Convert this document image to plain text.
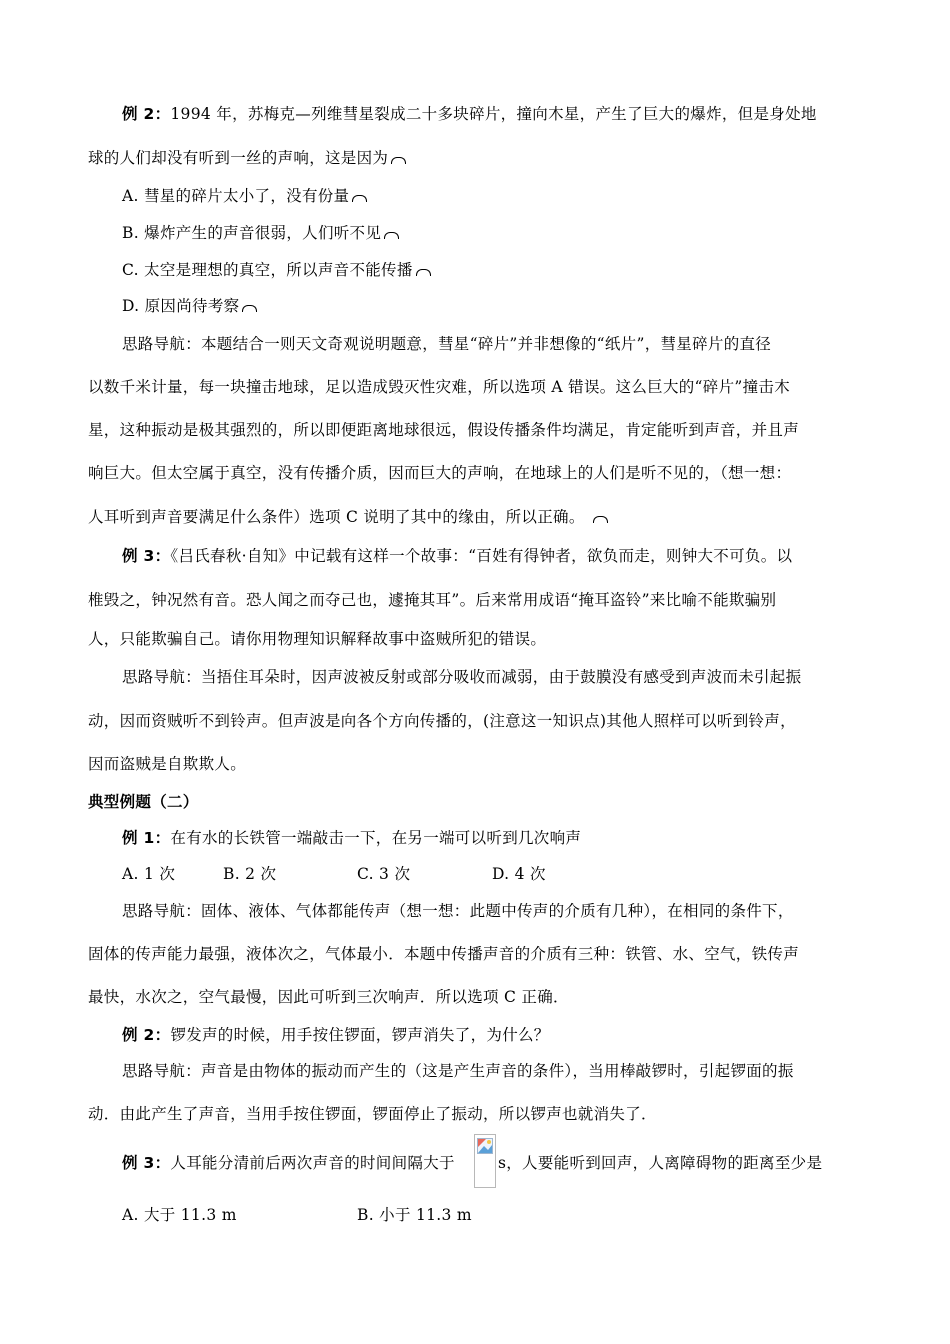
例 2：1994 年，苏梅克—列维彗星裂成二十多块碎片，撞向木星，产生了巨大的爆炸，但是身处地
球的人们却没有听到一丝的声响，这是因为
A. 彗星的碎片太小了，没有份量
B. 爆炸产生的声音很弱，人们听不见
C. 太空是理想的真空，所以声音不能传播
D. 原因尚待考察
思路导航：本题结合一则天文奇观说明题意，彗星“碎片”并非想像的“纸片”，彗星碎片的直径
以数千米计量，每一块撞击地球，足以造成毁灭性灾难，所以选项 A 错误。这么巨大的“碎片”撞击木
星，这种振动是极其强烈的，所以即便距离地球很远，假设传播条件均满足，肯定能听到声音，并且声
响巨大。但太空属于真空，没有传播介质，因而巨大的声响，在地球上的人们是听不见的，（想一想：
人耳听到声音要满足什么条件）选项 C 说明了其中的缘由，所以正确。
例 3：《吕氏春秋·自知》中记载有这样一个故事：“百姓有得钟者，欲负而走，则钟大不可负。以
椎毁之，钟况然有音。恐人闻之而夺己也，遽掩其耳”。后来常用成语“掩耳盗铃”来比喻不能欺骗别
人，只能欺骗自己。请你用物理知识解释故事中盗贼所犯的错误。
思路导航：当捂住耳朵时，因声波被反射或部分吸收而减弱，由于鼓膜没有感受到声波而未引起振
动，因而资贼听不到铃声。但声波是向各个方向传播的，(注意这一知识点)其他人照样可以听到铃声，
因而盗贼是自欺欺人。
典型例题（二）
例 1：在有水的长铁管一端敲击一下，在另一端可以听到几次响声
A. 1 次	B. 2 次	C. 3 次	D. 4 次
思路导航：固体、液体、气体都能传声（想一想：此题中传声的介质有几种），在相同的条件下，
固体的传声能力最强，液体次之，气体最小．本题中传播声音的介质有三种：铁管、水、空气，铁传声
最快，水次之，空气最慢，因此可听到三次响声．所以选项 C 正确．
例 2：锣发声的时候，用手按住锣面，锣声消失了，为什么？
思路导航：声音是由物体的振动而产生的（这是产生声音的条件），当用棒敲锣时，引起锣面的振
动．由此产生了声音，当用手按住锣面，锣面停止了振动，所以锣声也就消失了．
例 3：人耳能分清前后两次声音的时间间隔大于	s，人要能听到回声，人离障碍物的距离至少是
A. 大于 11.3 m	B. 小于 11.3 m
